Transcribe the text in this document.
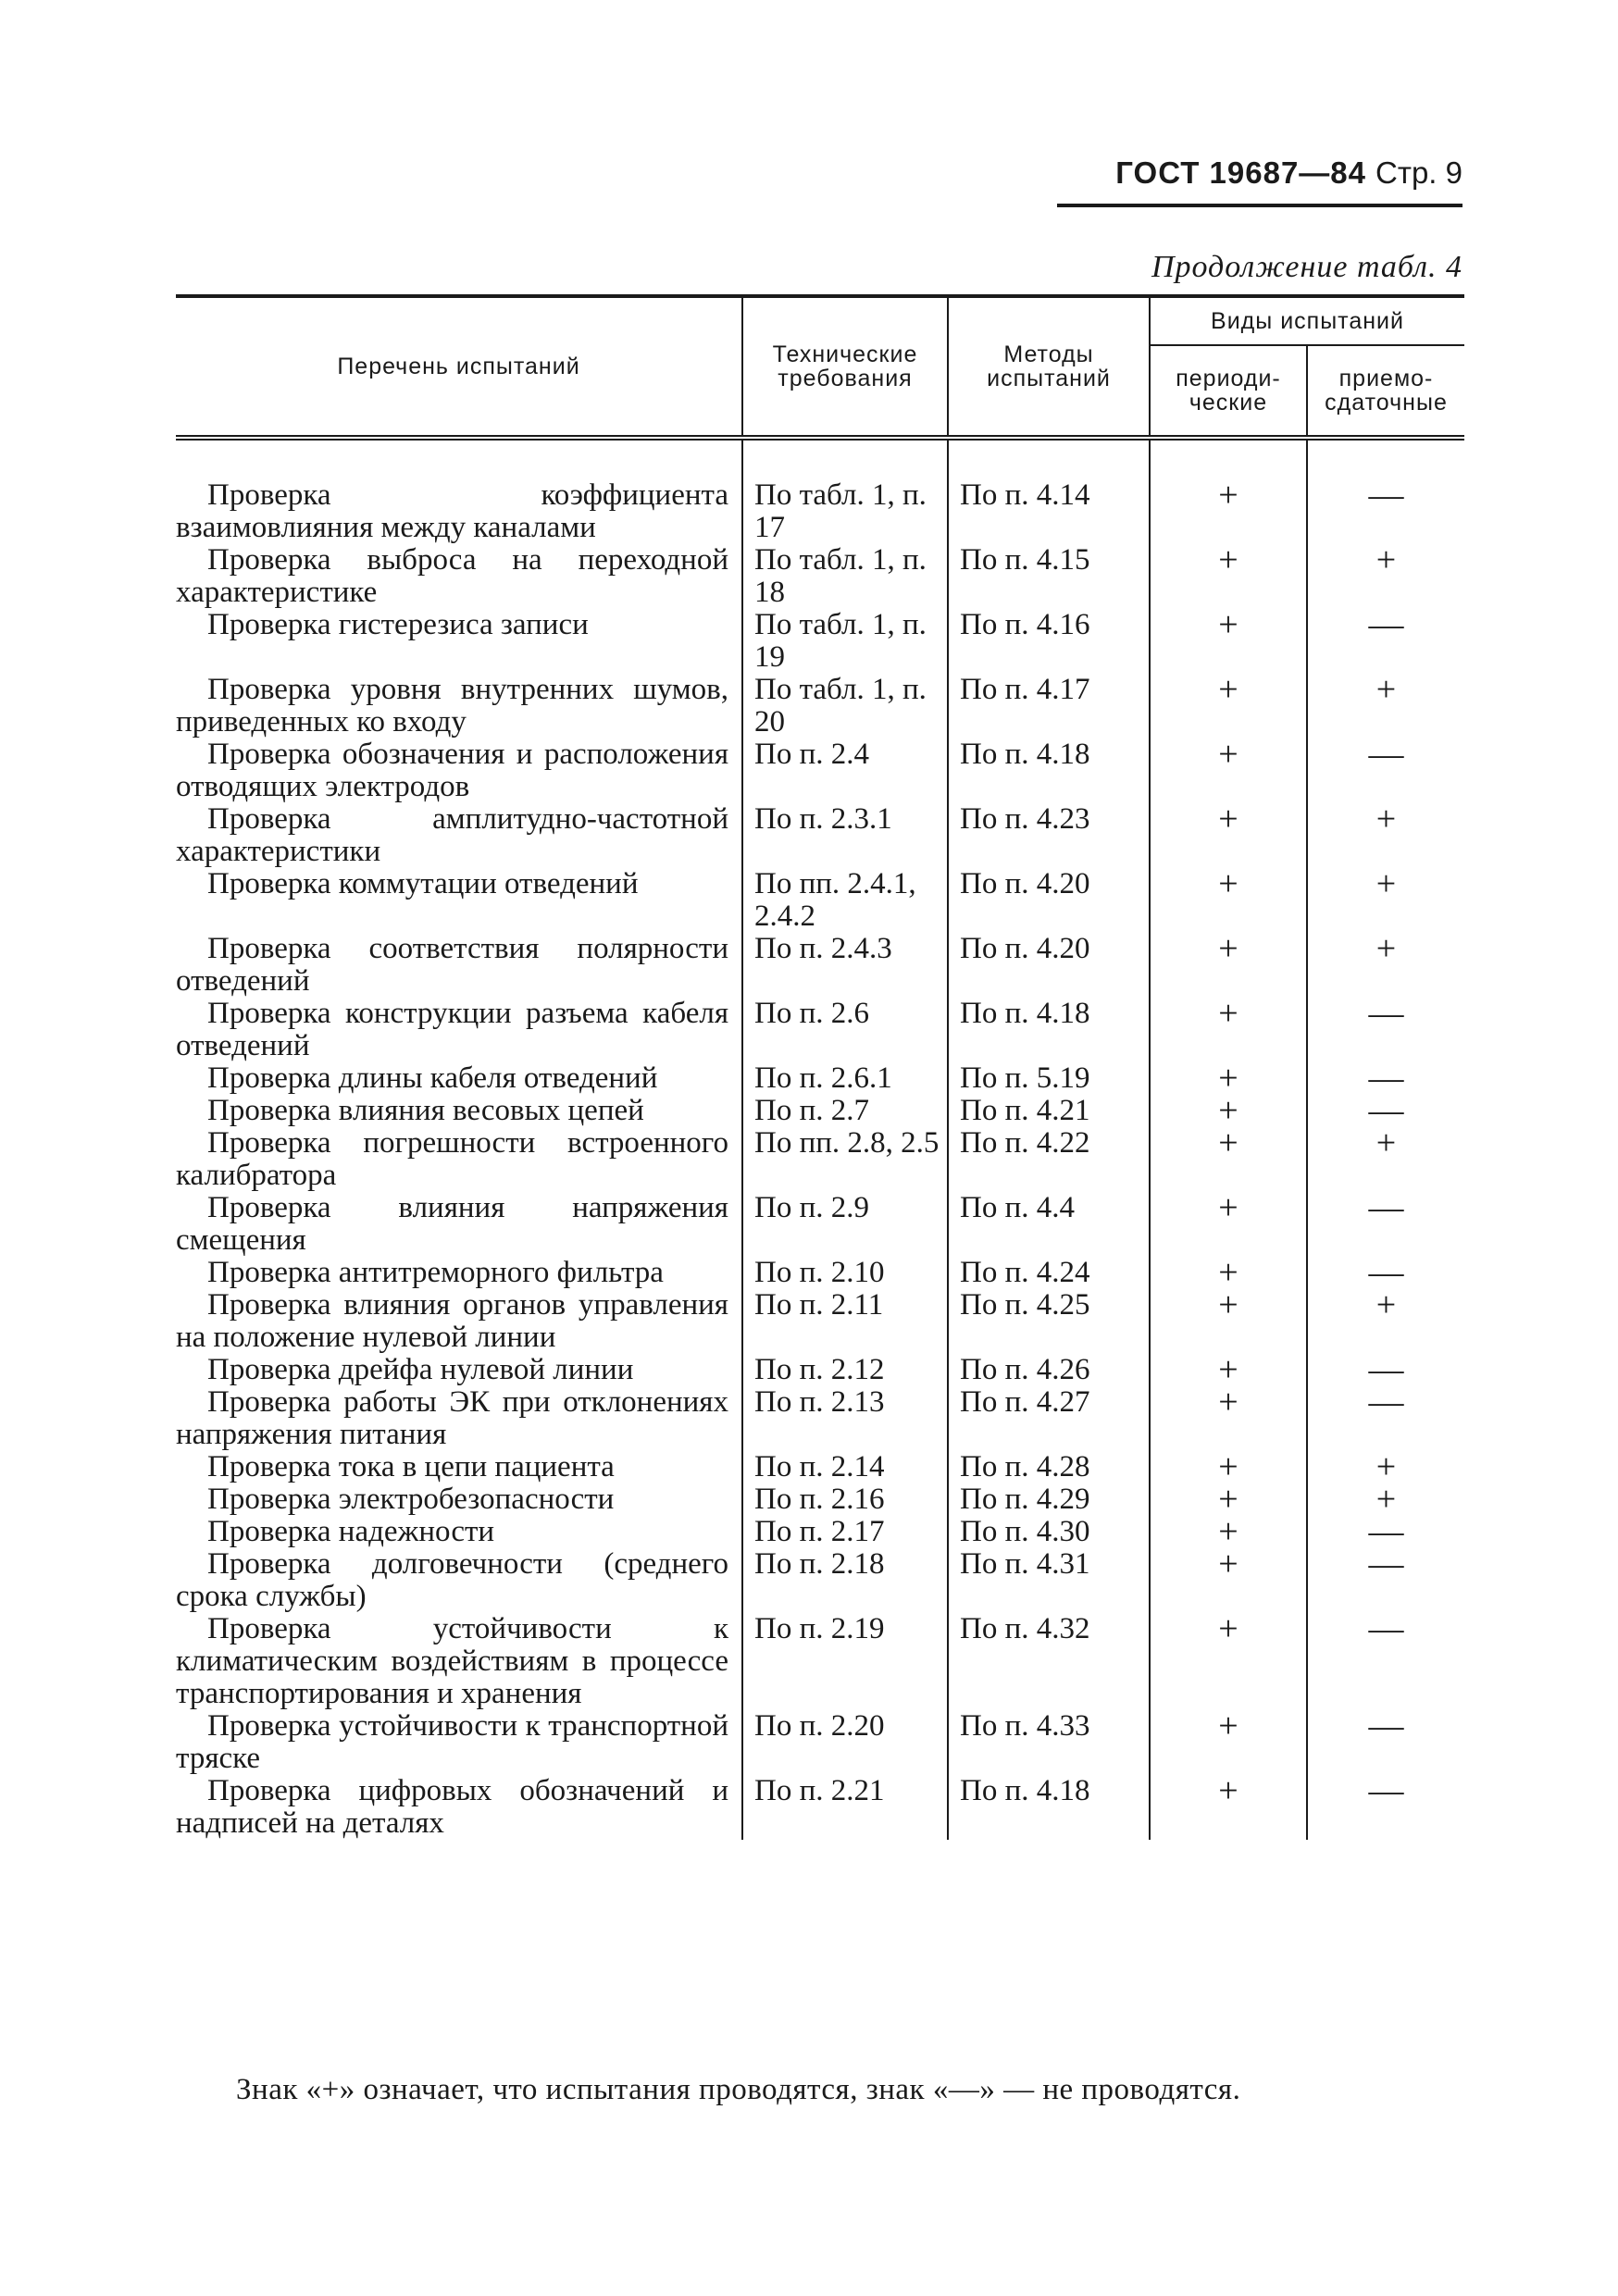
ГОСТ 19687—84 Стр. 9
Продолжение табл. 4
Перечень испытаний	Технические требования	Методы испытаний	Виды испытаний	
			периоди-ческие	приемо-сдаточные

Проверка коэффициента взаимовлияния между каналами	По табл. 1, п. 17	По п. 4.14	+	—
Проверка выброса на переходной характеристике	По табл. 1, п. 18	По п. 4.15	+	+
Проверка гистерезиса записи	По табл. 1, п. 19	По п. 4.16	+	—
Проверка уровня внутренних шумов, приведенных ко входу	По табл. 1, п. 20	По п. 4.17	+	+
Проверка обозначения и расположения отводящих электродов	По п. 2.4	По п. 4.18	+	—
Проверка амплитудно-частотной характеристики	По п. 2.3.1	По п. 4.23	+	+
Проверка коммутации отведений	По пп. 2.4.1, 2.4.2	По п. 4.20	+	+
Проверка соответствия полярности отведений	По п. 2.4.3	По п. 4.20	+	+
Проверка конструкции разъема кабеля отведений	По п. 2.6	По п. 4.18	+	—
Проверка длины кабеля отведений	По п. 2.6.1	По п. 5.19	+	—
Проверка влияния весовых цепей	По п. 2.7	По п. 4.21	+	—
Проверка погрешности встроенного калибратора	По пп. 2.8, 2.5	По п. 4.22	+	+
Проверка влияния напряжения смещения	По п. 2.9	По п. 4.4	+	—
Проверка антитреморного фильтра	По п. 2.10	По п. 4.24	+	—
Проверка влияния органов управления на положение нулевой линии	По п. 2.11	По п. 4.25	+	+
Проверка дрейфа нулевой линии	По п. 2.12	По п. 4.26	+	—
Проверка работы ЭК при отклонениях напряжения питания	По п. 2.13	По п. 4.27	+	—
Проверка тока в цепи пациента	По п. 2.14	По п. 4.28	+	+
Проверка электробезопасности	По п. 2.16	По п. 4.29	+	+
Проверка надежности	По п. 2.17	По п. 4.30	+	—
Проверка долговечности (среднего срока службы)	По п. 2.18	По п. 4.31	+	—
Проверка устойчивости к климатическим воздействиям в процессе транспортирования и хранения	По п. 2.19	По п. 4.32	+	—
Проверка устойчивости к транспортной тряске	По п. 2.20	По п. 4.33	+	—
Проверка цифровых обозначений и надписей на деталях	По п. 2.21	По п. 4.18	+	—
Знак «+» означает, что испытания проводятся, знак «—» — не проводятся.
